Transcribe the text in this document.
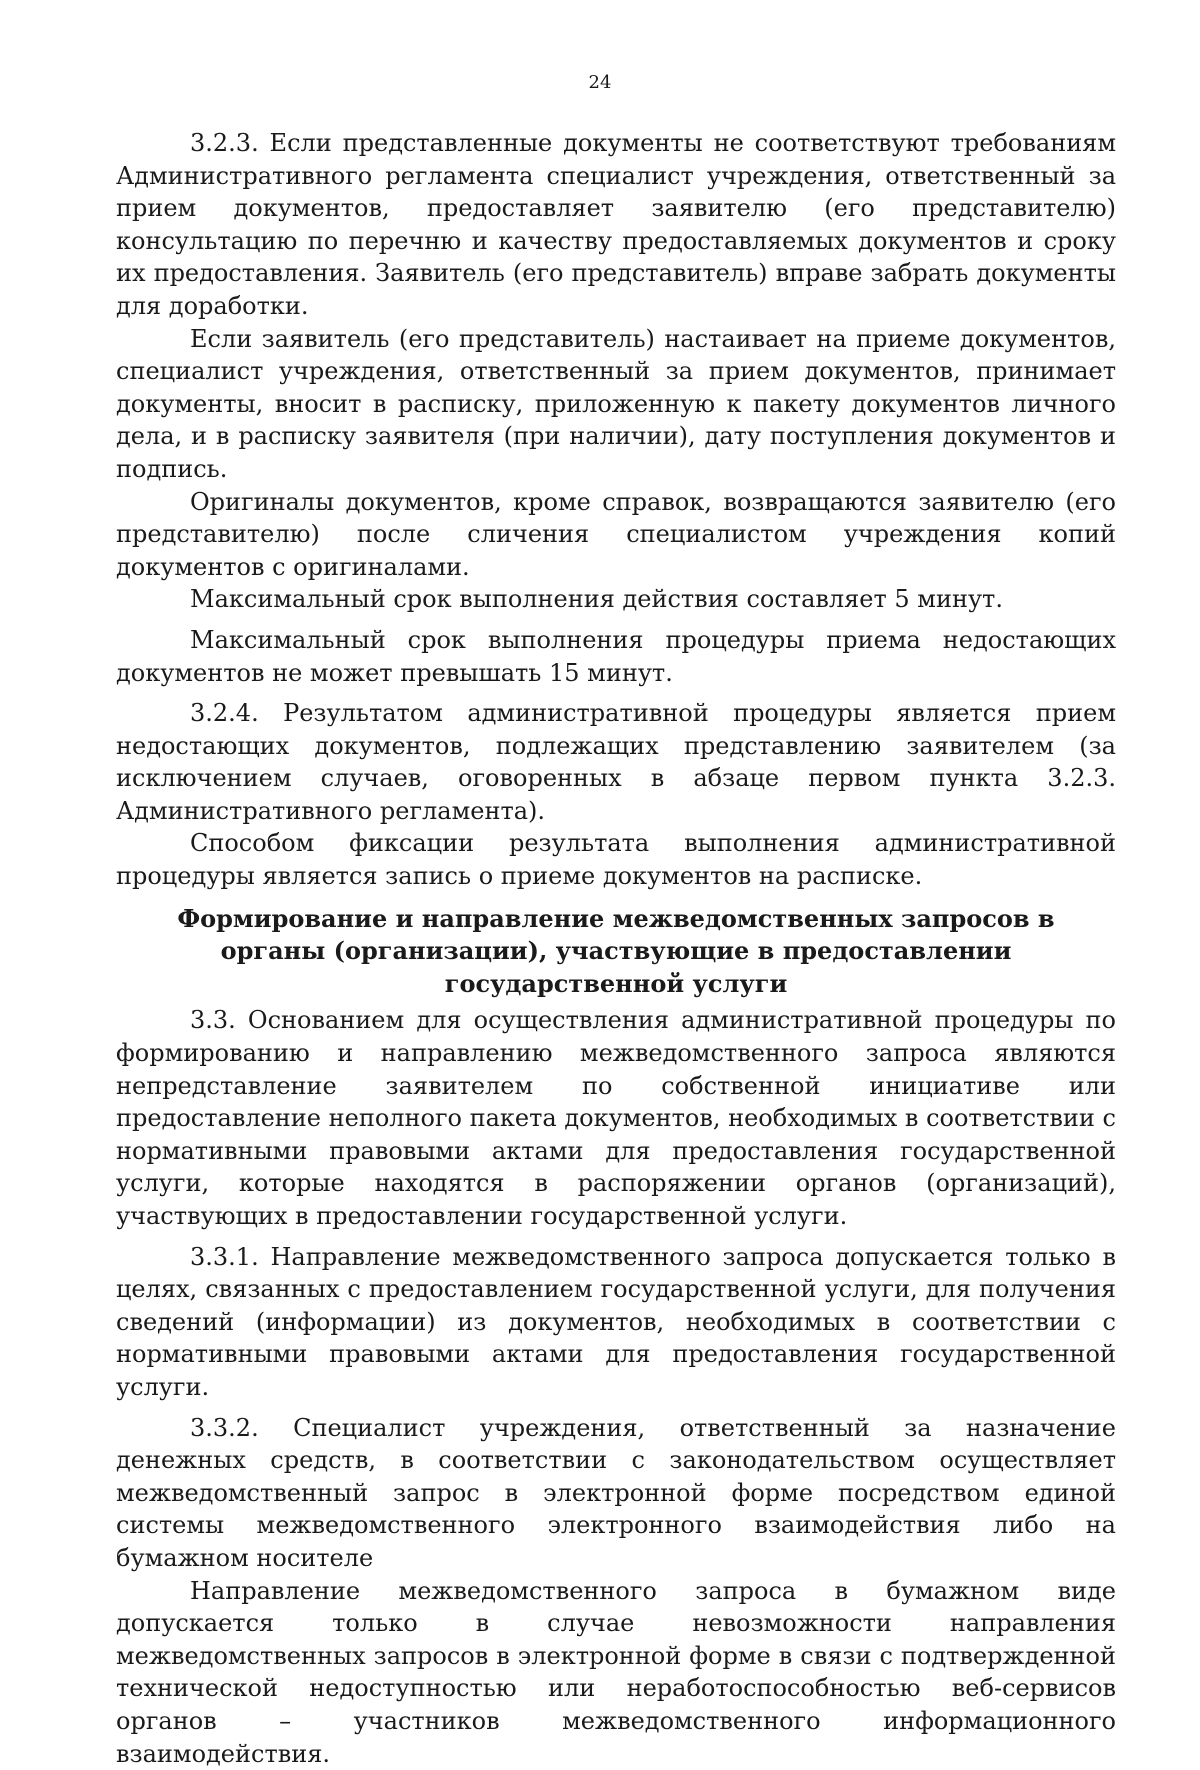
24

3.2.3. Если представленные документы не соответствуют требованиям Административного регламента специалист учреждения, ответственный за прием документов, предоставляет заявителю (его представителю) консультацию по перечню и качеству предоставляемых документов и сроку их предоставления. Заявитель (его представитель) вправе забрать документы для доработки.

Если заявитель (его представитель) настаивает на приеме документов, специалист учреждения, ответственный за прием документов, принимает документы, вносит в расписку, приложенную к пакету документов личного дела, и в расписку заявителя (при наличии), дату поступления документов и подпись.

Оригиналы документов, кроме справок, возвращаются заявителю (его представителю) после сличения специалистом учреждения копий документов с оригиналами.

Максимальный срок выполнения действия составляет 5 минут.

Максимальный срок выполнения процедуры приема недостающих документов не может превышать 15 минут.

3.2.4. Результатом административной процедуры является прием недостающих документов, подлежащих представлению заявителем (за исключением случаев, оговоренных в абзаце первом пункта 3.2.3. Административного регламента).

Способом фиксации результата выполнения административной процедуры является запись о приеме документов на расписке.

Формирование и направление межведомственных запросов в органы (организации), участвующие в предоставлении государственной услуги

3.3. Основанием для осуществления административной процедуры по формированию и направлению межведомственного запроса являются непредставление заявителем по собственной инициативе или предоставление неполного пакета документов, необходимых в соответствии с нормативными правовыми актами для предоставления государственной услуги, которые находятся в распоряжении органов (организаций), участвующих в предоставлении государственной услуги.

3.3.1. Направление межведомственного запроса допускается только в целях, связанных с предоставлением государственной услуги, для получения сведений (информации) из документов, необходимых в соответствии с нормативными правовыми актами для предоставления государственной услуги.

3.3.2. Специалист учреждения, ответственный за назначение денежных средств, в соответствии с законодательством осуществляет межведомственный запрос в электронной форме посредством единой системы межведомственного электронного взаимодействия либо на бумажном носителе

Направление межведомственного запроса в бумажном виде допускается только в случае невозможности направления межведомственных запросов в электронной форме в связи с подтвержденной технической недоступностью или неработоспособностью веб-сервисов органов – участников межведомственного информационного взаимодействия.
